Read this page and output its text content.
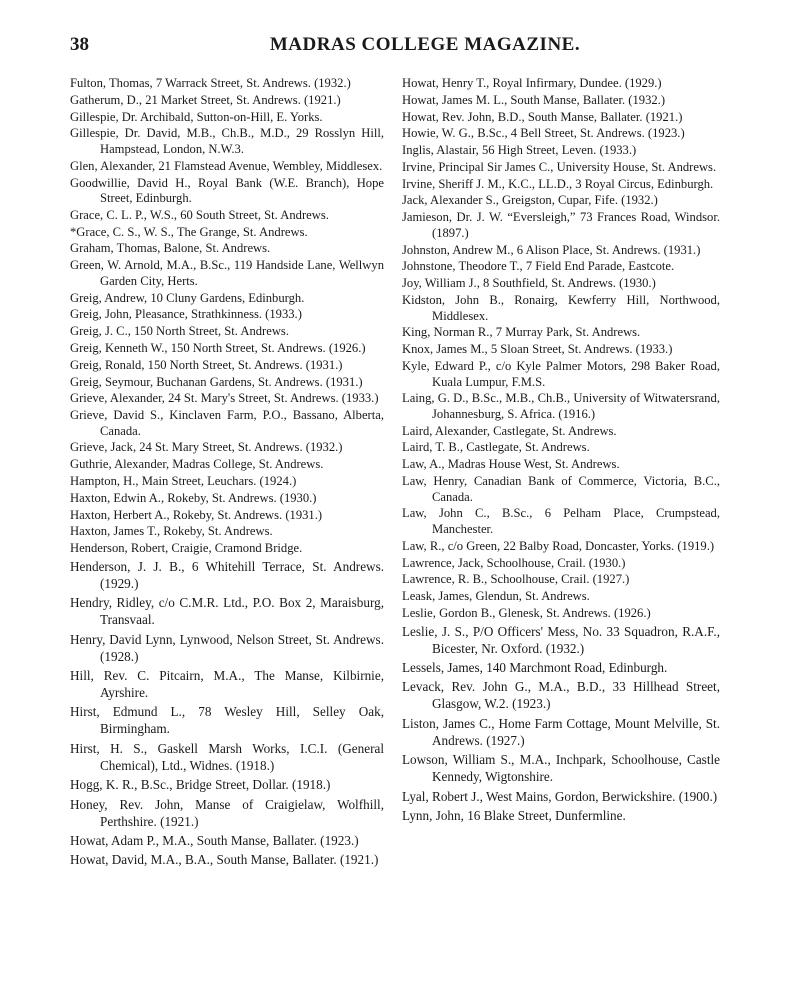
38	MADRAS COLLEGE MAGAZINE.

Fulton, Thomas, 7 Warrack Street, St. Andrews. (1932.)

Gatherum, D., 21 Market Street, St. Andrews. (1921.)

Gillespie, Dr. Archibald, Sutton-on-Hill, E. Yorks.

Gillespie, Dr. David, M.B., Ch.B., M.D., 29 Rosslyn Hill, Hampstead, London, N.W.3.

Glen, Alexander, 21 Flamstead Avenue, Wembley, Middlesex.

Goodwillie, David H., Royal Bank (W.E. Branch), Hope Street, Edinburgh.

Grace, C. L. P., W.S., 60 South Street, St. Andrews.

*Grace, C. S., W. S., The Grange, St. Andrews.

Graham, Thomas, Balone, St. Andrews.

Green, W. Arnold, M.A., B.Sc., 119 Handside Lane, Wellwyn Garden City, Herts.

Greig, Andrew, 10 Cluny Gardens, Edinburgh.

Greig, John, Pleasance, Strathkinness. (1933.)

Greig, J. C., 150 North Street, St. Andrews.

Greig, Kenneth W., 150 North Street, St. Andrews. (1926.)

Greig, Ronald, 150 North Street, St. Andrews. (1931.)

Greig, Seymour, Buchanan Gardens, St. Andrews. (1931.)

Grieve, Alexander, 24 St. Mary's Street, St. Andrews. (1933.)

Grieve, David S., Kinclaven Farm, P.O., Bassano, Alberta, Canada.

Grieve, Jack, 24 St. Mary Street, St. Andrews. (1932.)

Guthrie, Alexander, Madras College, St. Andrews.

Hampton, H., Main Street, Leuchars. (1924.)

Haxton, Edwin A., Rokeby, St. Andrews. (1930.)

Haxton, Herbert A., Rokeby, St. Andrews. (1931.)

Haxton, James T., Rokeby, St. Andrews.

Henderson, Robert, Craigie, Cramond Bridge.

Henderson, J. J. B., 6 Whitehill Terrace, St. Andrews. (1929.)

Hendry, Ridley, c/o C.M.R. Ltd., P.O. Box 2, Maraisburg, Transvaal.

Henry, David Lynn, Lynwood, Nelson Street, St. Andrews. (1928.)

Hill, Rev. C. Pitcairn, M.A., The Manse, Kilbirnie, Ayrshire.

Hirst, Edmund L., 78 Wesley Hill, Selley Oak, Birmingham.

Hirst, H. S., Gaskell Marsh Works, I.C.I. (General Chemical), Ltd., Widnes. (1918.)

Hogg, K. R., B.Sc., Bridge Street, Dollar. (1918.)

Honey, Rev. John, Manse of Craigielaw, Wolfhill, Perthshire. (1921.)

Howat, Adam P., M.A., South Manse, Ballater. (1923.)

Howat, David, M.A., B.A., South Manse, Ballater. (1921.)

Howat, Henry T., Royal Infirmary, Dundee. (1929.)

Howat, James M. L., South Manse, Ballater. (1932.)

Howat, Rev. John, B.D., South Manse, Ballater. (1921.)

Howie, W. G., B.Sc., 4 Bell Street, St. Andrews. (1923.)

Inglis, Alastair, 56 High Street, Leven. (1933.)

Irvine, Principal Sir James C., University House, St. Andrews.

Irvine, Sheriff J. M., K.C., LL.D., 3 Royal Circus, Edinburgh.

Jack, Alexander S., Greigston, Cupar, Fife. (1932.)

Jamieson, Dr. J. W. “Eversleigh,” 73 Frances Road, Windsor. (1897.)

Johnston, Andrew M., 6 Alison Place, St. Andrews. (1931.)

Johnstone, Theodore T., 7 Field End Parade, Eastcote.

Joy, William J., 8 Southfield, St. Andrews. (1930.)

Kidston, John B., Ronairg, Kewferry Hill, Northwood, Middlesex.

King, Norman R., 7 Murray Park, St. Andrews.

Knox, James M., 5 Sloan Street, St. Andrews. (1933.)

Kyle, Edward P., c/o Kyle Palmer Motors, 298 Baker Road, Kuala Lumpur, F.M.S.

Laing, G. D., B.Sc., M.B., Ch.B., University of Witwatersrand, Johannesburg, S. Africa. (1916.)

Laird, Alexander, Castlegate, St. Andrews.

Laird, T. B., Castlegate, St. Andrews.

Law, A., Madras House West, St. Andrews.

Law, Henry, Canadian Bank of Commerce, Victoria, B.C., Canada.

Law, John C., B.Sc., 6 Pelham Place, Crumpstead, Manchester.

Law, R., c/o Green, 22 Balby Road, Doncaster, Yorks. (1919.)

Lawrence, Jack, Schoolhouse, Crail. (1930.)

Lawrence, R. B., Schoolhouse, Crail. (1927.)

Leask, James, Glendun, St. Andrews.

Leslie, Gordon B., Glenesk, St. Andrews. (1926.)

Leslie, J. S., P/O Officers' Mess, No. 33 Squadron, R.A.F., Bicester, Nr. Oxford. (1932.)

Lessels, James, 140 Marchmont Road, Edinburgh.

Levack, Rev. John G., M.A., B.D., 33 Hillhead Street, Glasgow, W.2. (1923.)

Liston, James C., Home Farm Cottage, Mount Melville, St. Andrews. (1927.)

Lowson, William S., M.A., Inchpark, Schoolhouse, Castle Kennedy, Wigtonshire.

Lyal, Robert J., West Mains, Gordon, Berwickshire. (1900.)

Lynn, John, 16 Blake Street, Dunfermline.
